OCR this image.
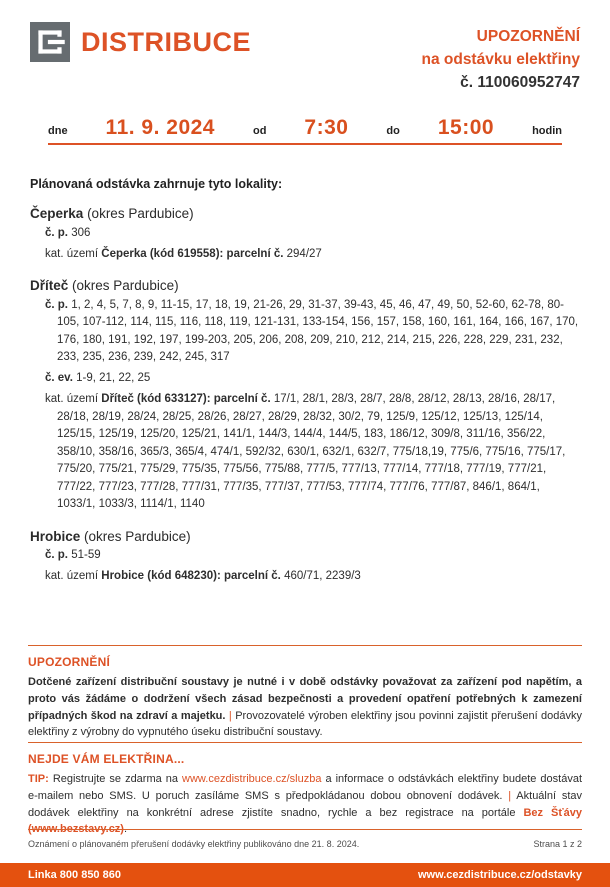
DISTRIBUCE	UPOZORNĚNÍ
na odstávku elektřiny
č. 110060952747
dne 11. 9. 2024	od 7:30	do 15:00	hodin
Plánovaná odstávka zahrnuje tyto lokality:
Čeperka (okres Pardubice)
č. p. 306
kat. území Čeperka (kód 619558): parcelní č. 294/27
Dříteč (okres Pardubice)
č. p. 1, 2, 4, 5, 7, 8, 9, 11-15, 17, 18, 19, 21-26, 29, 31-37, 39-43, 45, 46, 47, 49, 50, 52-60, 62-78, 80-105, 107-112, 114, 115, 116, 118, 119, 121-131, 133-154, 156, 157, 158, 160, 161, 164, 166, 167, 170, 176, 180, 191, 192, 197, 199-203, 205, 206, 208, 209, 210, 212, 214, 215, 226, 228, 229, 231, 232, 233, 235, 236, 239, 242, 245, 317
č. ev. 1-9, 21, 22, 25
kat. území Dříteč (kód 633127): parcelní č. 17/1, 28/1, 28/3, 28/7, 28/8, 28/12, 28/13, 28/16, 28/17, 28/18, 28/19, 28/24, 28/25, 28/26, 28/27, 28/29, 28/32, 30/2, 79, 125/9, 125/12, 125/13, 125/14, 125/15, 125/19, 125/20, 125/21, 141/1, 144/3, 144/4, 144/5, 183, 186/12, 309/8, 311/16, 356/22, 358/10, 358/16, 365/3, 365/4, 474/1, 592/32, 630/1, 632/1, 632/7, 775/18,19, 775/6, 775/16, 775/17, 775/20, 775/21, 775/29, 775/35, 775/56, 775/88, 777/5, 777/13, 777/14, 777/18, 777/19, 777/21, 777/22, 777/23, 777/28, 777/31, 777/35, 777/37, 777/53, 777/74, 777/76, 777/87, 846/1, 864/1, 1033/1, 1033/3, 1114/1, 1140
Hrobice (okres Pardubice)
č. p. 51-59
kat. území Hrobice (kód 648230): parcelní č. 460/71, 2239/3
UPOZORNĚNÍ
Dotčené zařízení distribuční soustavy je nutné i v době odstávky považovat za zařízení pod napětím, a proto vás žádáme o dodržení všech zásad bezpečnosti a provedení opatření potřebných k zamezení případných škod na zdraví a majetku. | Provozovatelé výroben elektřiny jsou povinni zajistit přerušení dodávky elektřiny z výrobny do vypnutého úseku distribuční soustavy.
NEJDE VÁM ELEKTŘINA...
TIP: Registrujte se zdarma na www.cezdistribuce.cz/sluzba a informace o odstávkách elektřiny budete dostávat e-mailem nebo SMS. U poruch zasíláme SMS s předpokládanou dobou obnovení dodávek. | Aktuální stav dodávek elektřiny na konkrétní adrese zjistíte snadno, rychle a bez registrace na portále Bez Šťávy (www.bezstavy.cz).
Oznámení o plánovaném přerušení dodávky elektřiny publikováno dne 21. 8. 2024.	Strana 1 z 2
Linka 800 850 860	www.cezdistribuce.cz/odstavky
